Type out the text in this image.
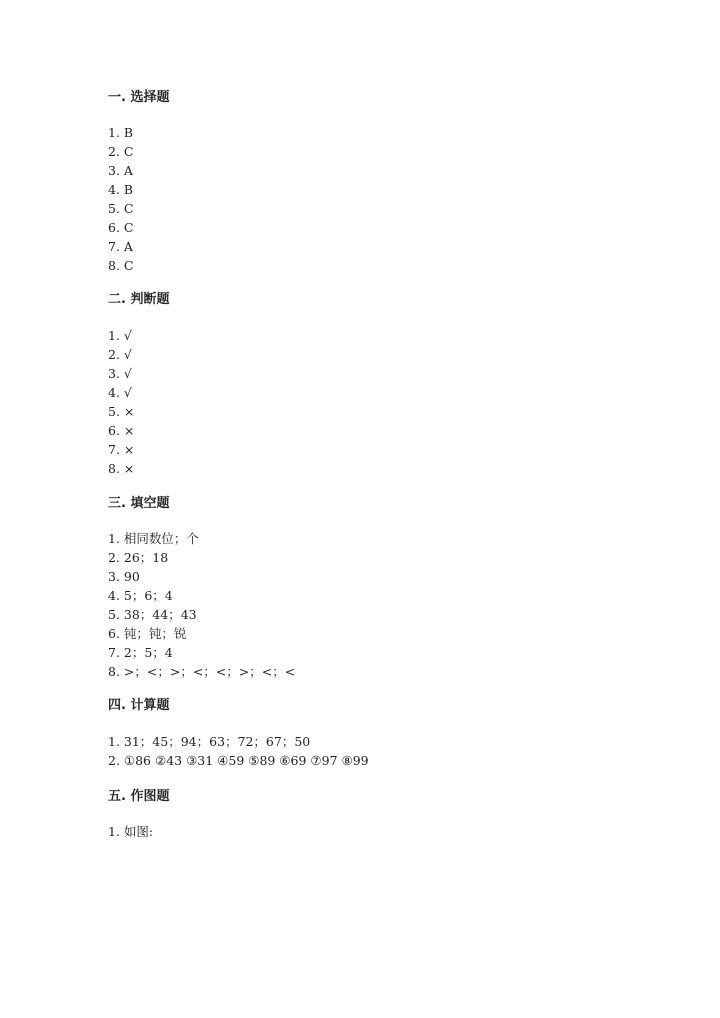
一. 选择题
1. B
2. C
3. A
4. B
5. C
6. C
7. A
8. C
二. 判断题
1. √
2. √
3. √
4. √
5. ×
6. ×
7. ×
8. ×
三. 填空题
1. 相同数位；个
2. 26；18
3. 90
4. 5；6；4
5. 38；44；43
6. 钝；钝；锐
7. 2；5；4
8. >；<；>；<；<；>；<；<
四. 计算题
1. 31；45；94；63；72；67；50
2. ①86 ②43 ③31 ④59 ⑤89 ⑥69 ⑦97 ⑧99
五. 作图题
1. 如图:
